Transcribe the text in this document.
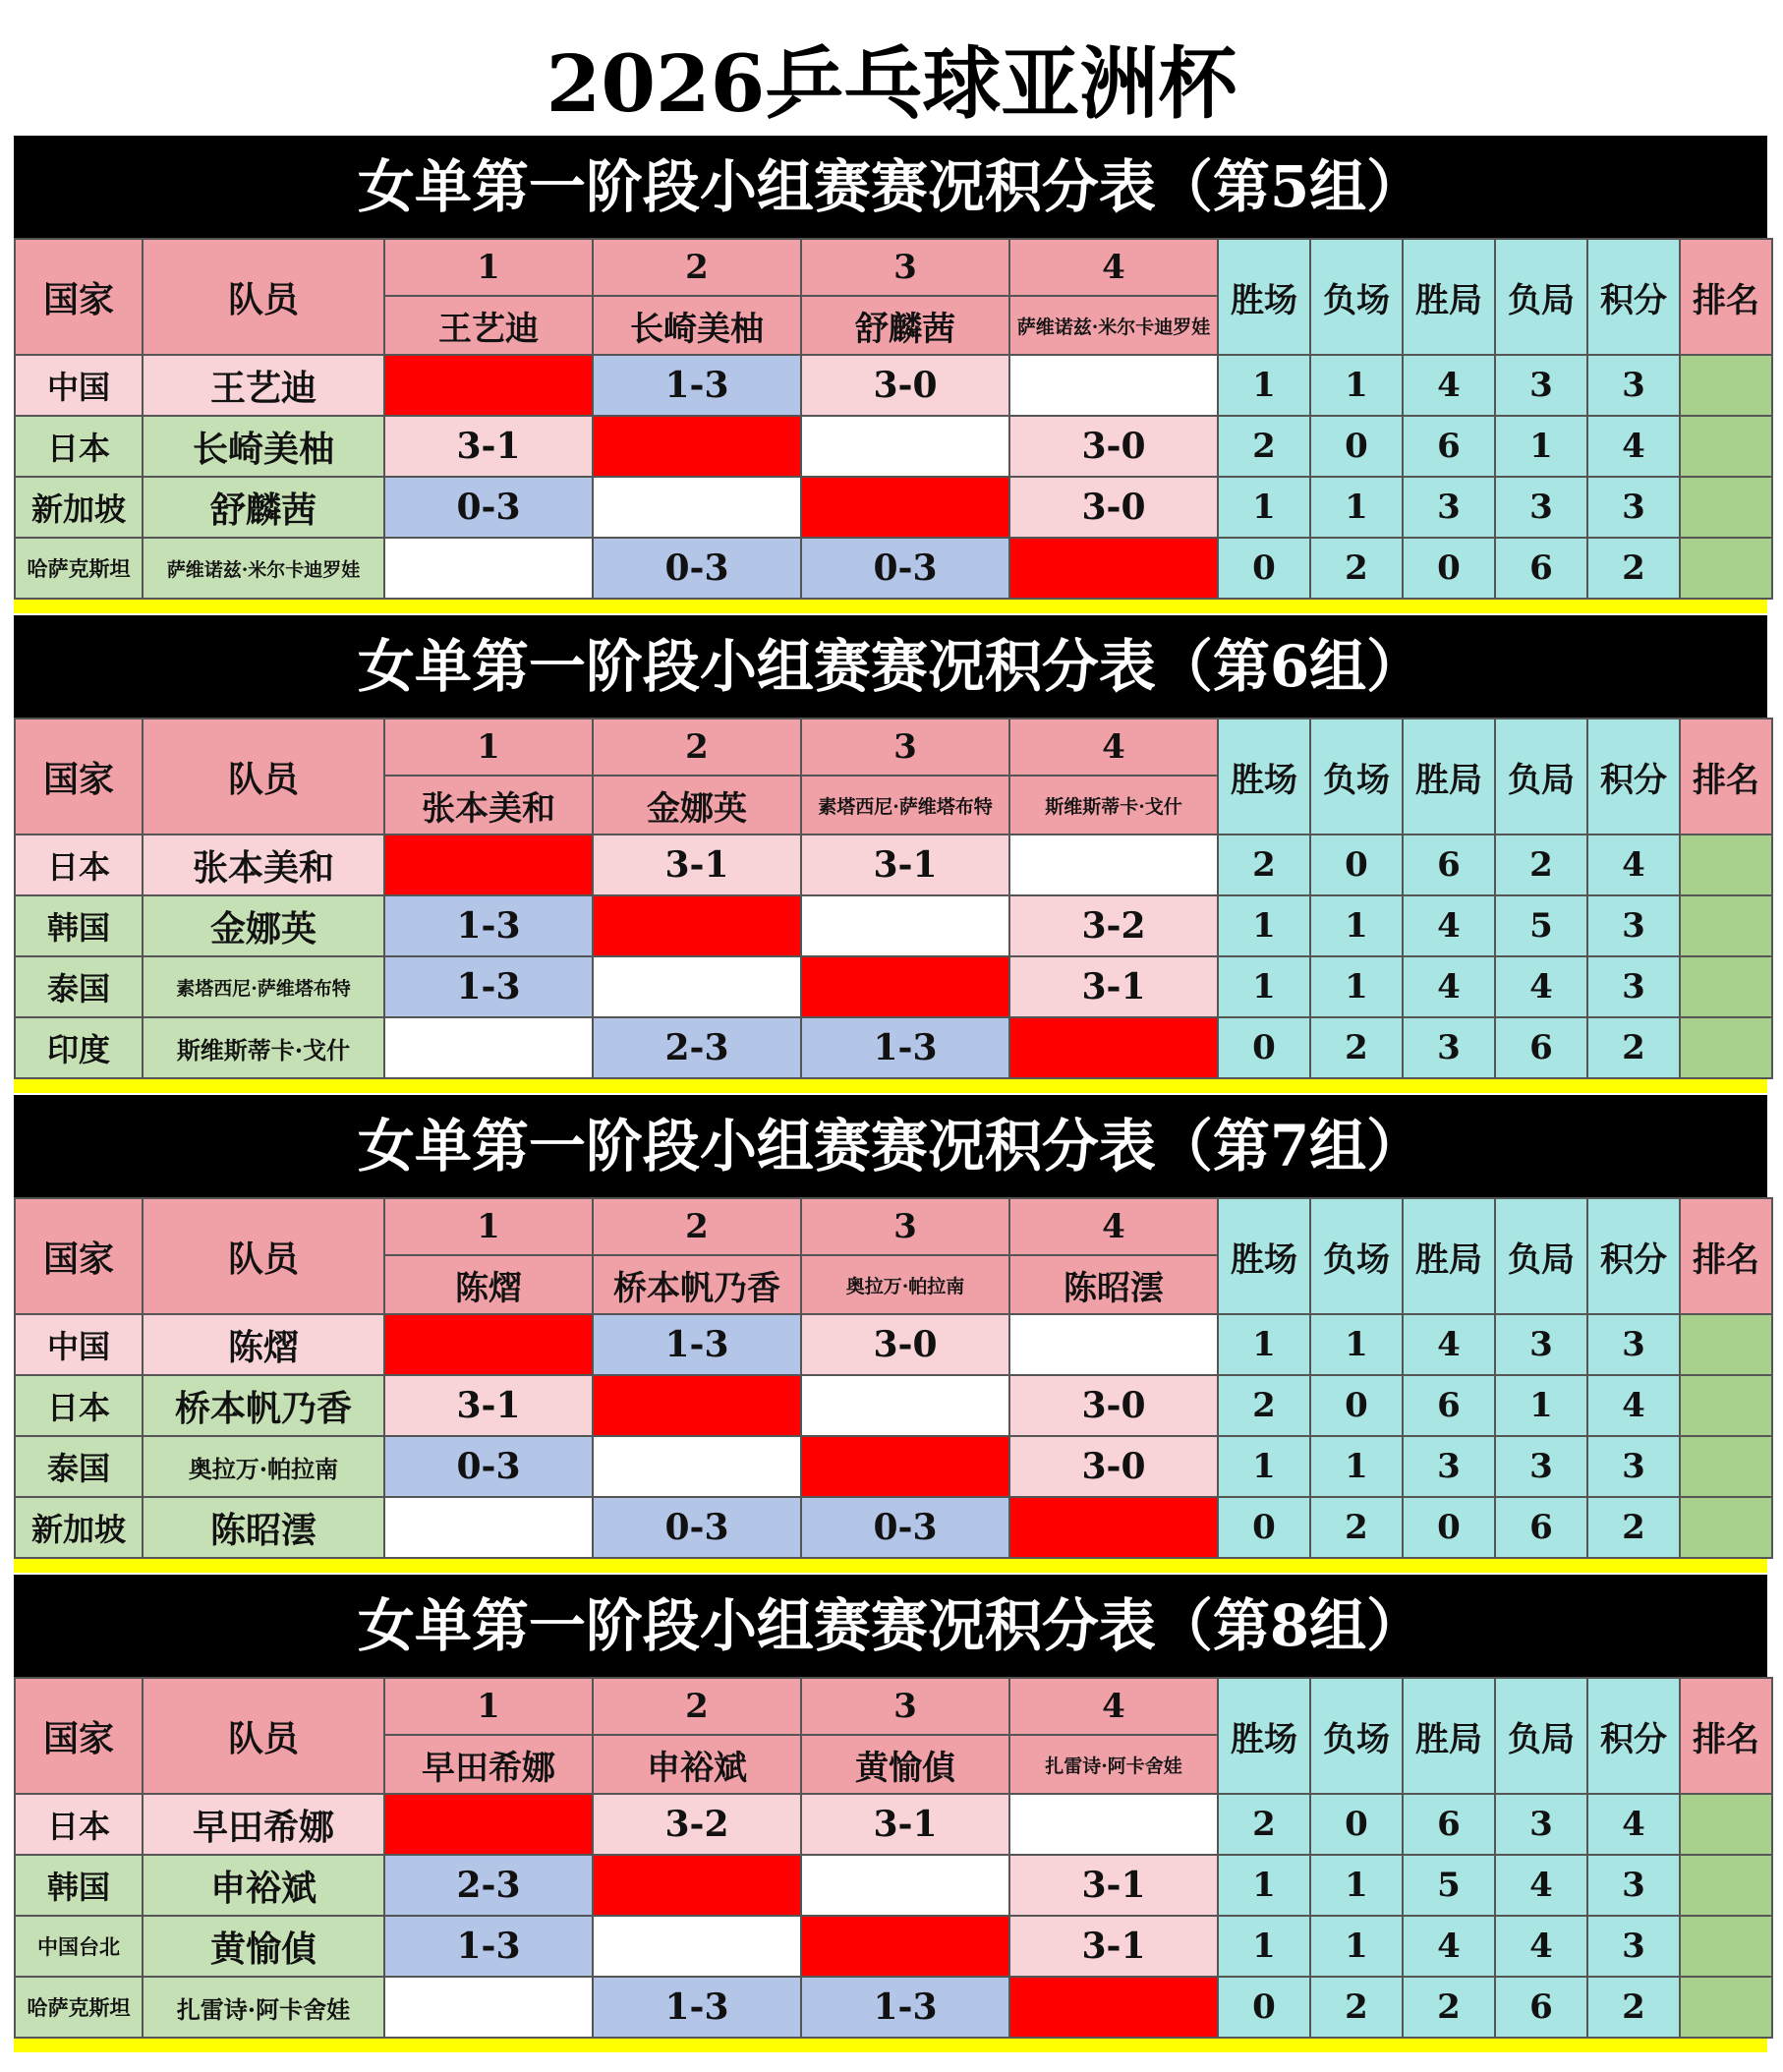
2026乒乓球亚洲杯
女单第一阶段小组赛赛况积分表（第5组）
国家	队员	1	2	3	4	胜场	负场	胜局	负局	积分	排名
		王艺迪	长崎美柚	舒麟茜	萨维诺兹·米尔卡迪罗娃						
中国	王艺迪		1-3	3-0		1	1	4	3	3	
日本	长崎美柚	3-1			3-0	2	0	6	1	4	
新加坡	舒麟茜	0-3			3-0	1	1	3	3	3	
哈萨克斯坦	萨维诺兹·米尔卡迪罗娃		0-3	0-3		0	2	0	6	2	
女单第一阶段小组赛赛况积分表（第6组）
国家	队员	1	2	3	4	胜场	负场	胜局	负局	积分	排名
		张本美和	金娜英	素塔西尼·萨维塔布特	斯维斯蒂卡·戈什						
日本	张本美和		3-1	3-1		2	0	6	2	4	
韩国	金娜英	1-3			3-2	1	1	4	5	3	
泰国	素塔西尼·萨维塔布特	1-3			3-1	1	1	4	4	3	
印度	斯维斯蒂卡·戈什		2-3	1-3		0	2	3	6	2	
女单第一阶段小组赛赛况积分表（第7组）
国家	队员	1	2	3	4	胜场	负场	胜局	负局	积分	排名
		陈熠	桥本帆乃香	奥拉万·帕拉南	陈昭澐						
中国	陈熠		1-3	3-0		1	1	4	3	3	
日本	桥本帆乃香	3-1			3-0	2	0	6	1	4	
泰国	奥拉万·帕拉南	0-3			3-0	1	1	3	3	3	
新加坡	陈昭澐		0-3	0-3		0	2	0	6	2	
女单第一阶段小组赛赛况积分表（第8组）
国家	队员	1	2	3	4	胜场	负场	胜局	负局	积分	排名
		早田希娜	申裕斌	黄愉偵	扎雷诗·阿卡舍娃						
日本	早田希娜		3-2	3-1		2	0	6	3	4	
韩国	申裕斌	2-3			3-1	1	1	5	4	3	
中国台北	黄愉偵	1-3			3-1	1	1	4	4	3	
哈萨克斯坦	扎雷诗·阿卡舍娃		1-3	1-3		0	2	2	6	2	
